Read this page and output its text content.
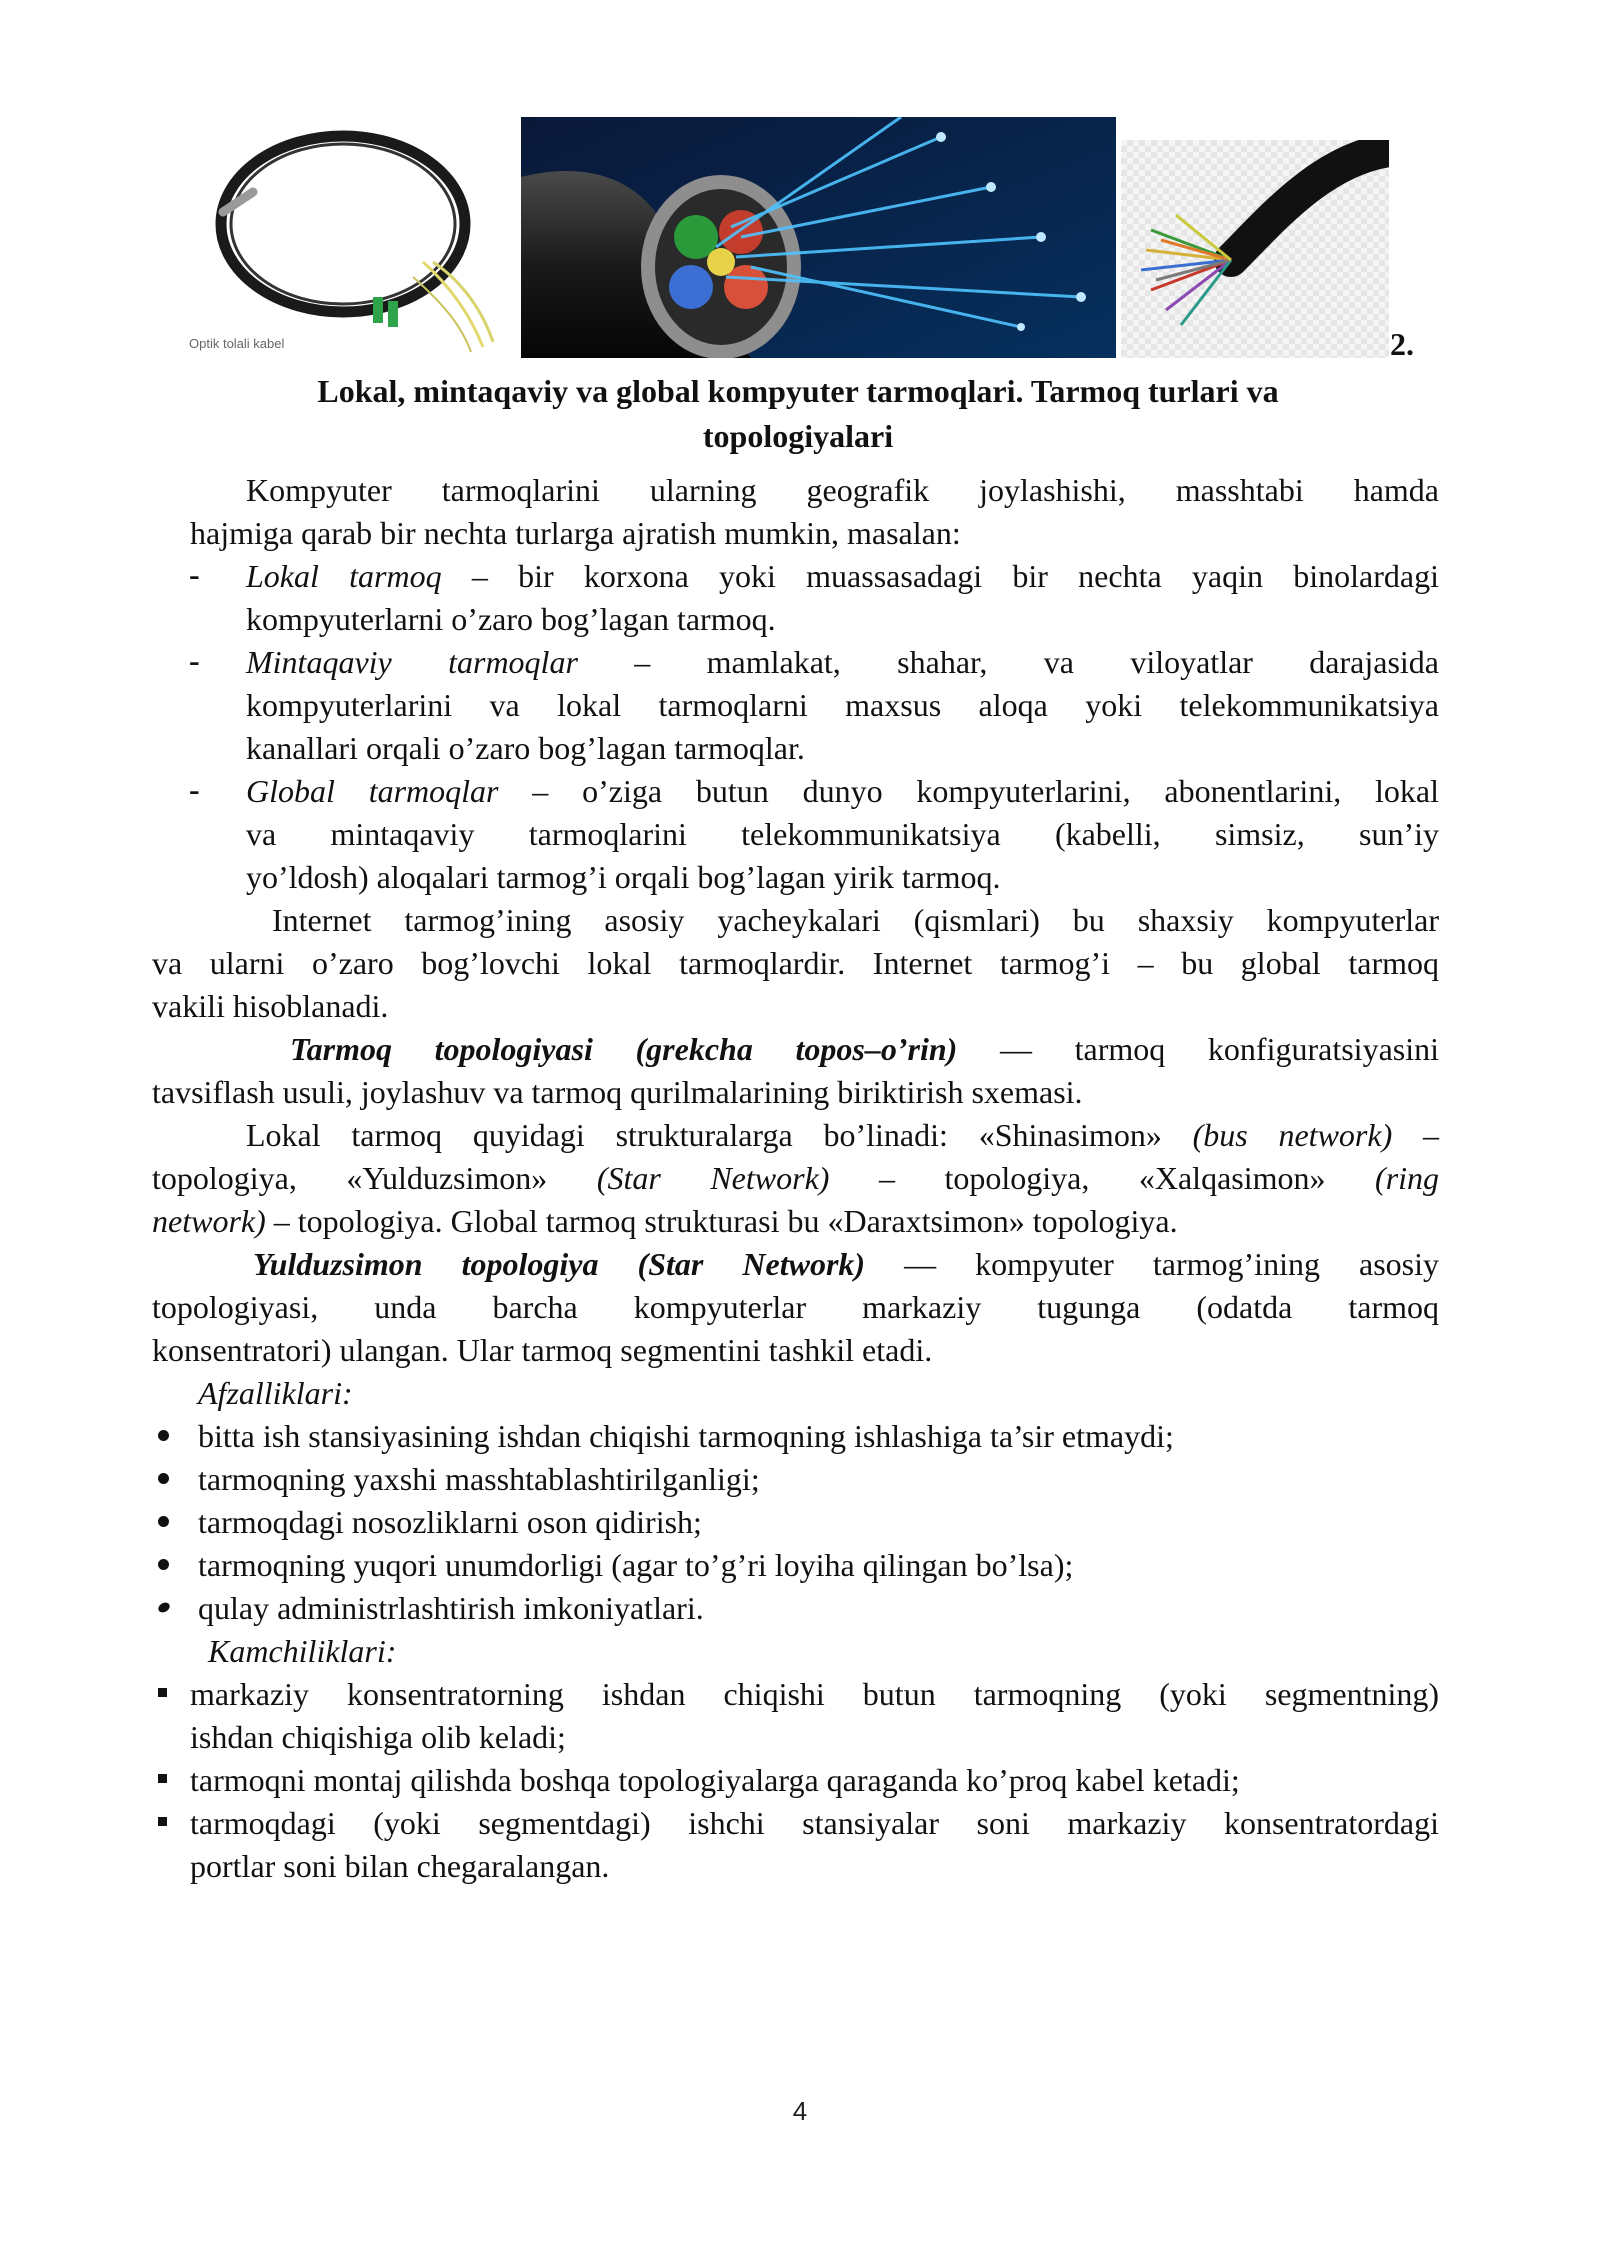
Optik tolali kabel	2.
Lokal, mintaqaviy va global kompyuter tarmoqlari. Tarmoq turlari va
topologiyalari
Kompyuter tarmoqlarini ularning geografik joylashishi, masshtabi hamda
hajmiga qarab bir nechta turlarga ajratish mumkin, masalan:
- Lokal tarmoq – bir korxona yoki muassasadagi bir nechta yaqin binolardagi
kompyuterlarni o’zaro bog’lagan tarmoq.
- Mintaqaviy tarmoqlar – mamlakat, shahar, va viloyatlar darajasida
kompyuterlarini va lokal tarmoqlarni maxsus aloqa yoki telekommunikatsiya
kanallari orqali o’zaro bog’lagan tarmoqlar.
- Global tarmoqlar – o’ziga butun dunyo kompyuterlarini, abonentlarini, lokal
va mintaqaviy tarmoqlarini telekommunikatsiya (kabelli, simsiz, sun’iy
yo’ldosh) aloqalari tarmog’i orqali bog’lagan yirik tarmoq.
Internet tarmog’ining asosiy yacheykalari (qismlari) bu shaxsiy kompyuterlar
va ularni o’zaro bog’lovchi lokal tarmoqlardir. Internet tarmog’i – bu global tarmoq
vakili hisoblanadi.
Tarmoq topologiyasi (grekcha topos–o’rin) — tarmoq konfiguratsiyasini
tavsiflash usuli, joylashuv va tarmoq qurilmalarining biriktirish sxemasi.
Lokal tarmoq quyidagi strukturalarga bo’linadi: «Shinasimon» (bus network) –
topologiya, «Yulduzsimon» (Star Network) – topologiya, «Xalqasimon» (ring
network) – topologiya. Global tarmoq strukturasi bu «Daraxtsimon» topologiya.
Yulduzsimon topologiya (Star Network) — kompyuter tarmog’ining asosiy
topologiyasi, unda barcha kompyuterlar markaziy tugunga (odatda tarmoq
konsentratori) ulangan. Ular tarmoq segmentini tashkil etadi.
Afzalliklari:
bitta ish stansiyasining ishdan chiqishi tarmoqning ishlashiga ta’sir etmaydi;
tarmoqning yaxshi masshtablashtirilganligi;
tarmoqdagi nosozliklarni oson qidirish;
tarmoqning yuqori unumdorligi (agar to’g’ri loyiha qilingan bo’lsa);
qulay administrlashtirish imkoniyatlari.
Kamchiliklari:
markaziy konsentratorning ishdan chiqishi butun tarmoqning (yoki segmentning)
ishdan chiqishiga olib keladi;
tarmoqni montaj qilishda boshqa topologiyalarga qaraganda ko’proq kabel ketadi;
tarmoqdagi (yoki segmentdagi) ishchi stansiyalar soni markaziy konsentratordagi
portlar soni bilan chegaralangan.
4
